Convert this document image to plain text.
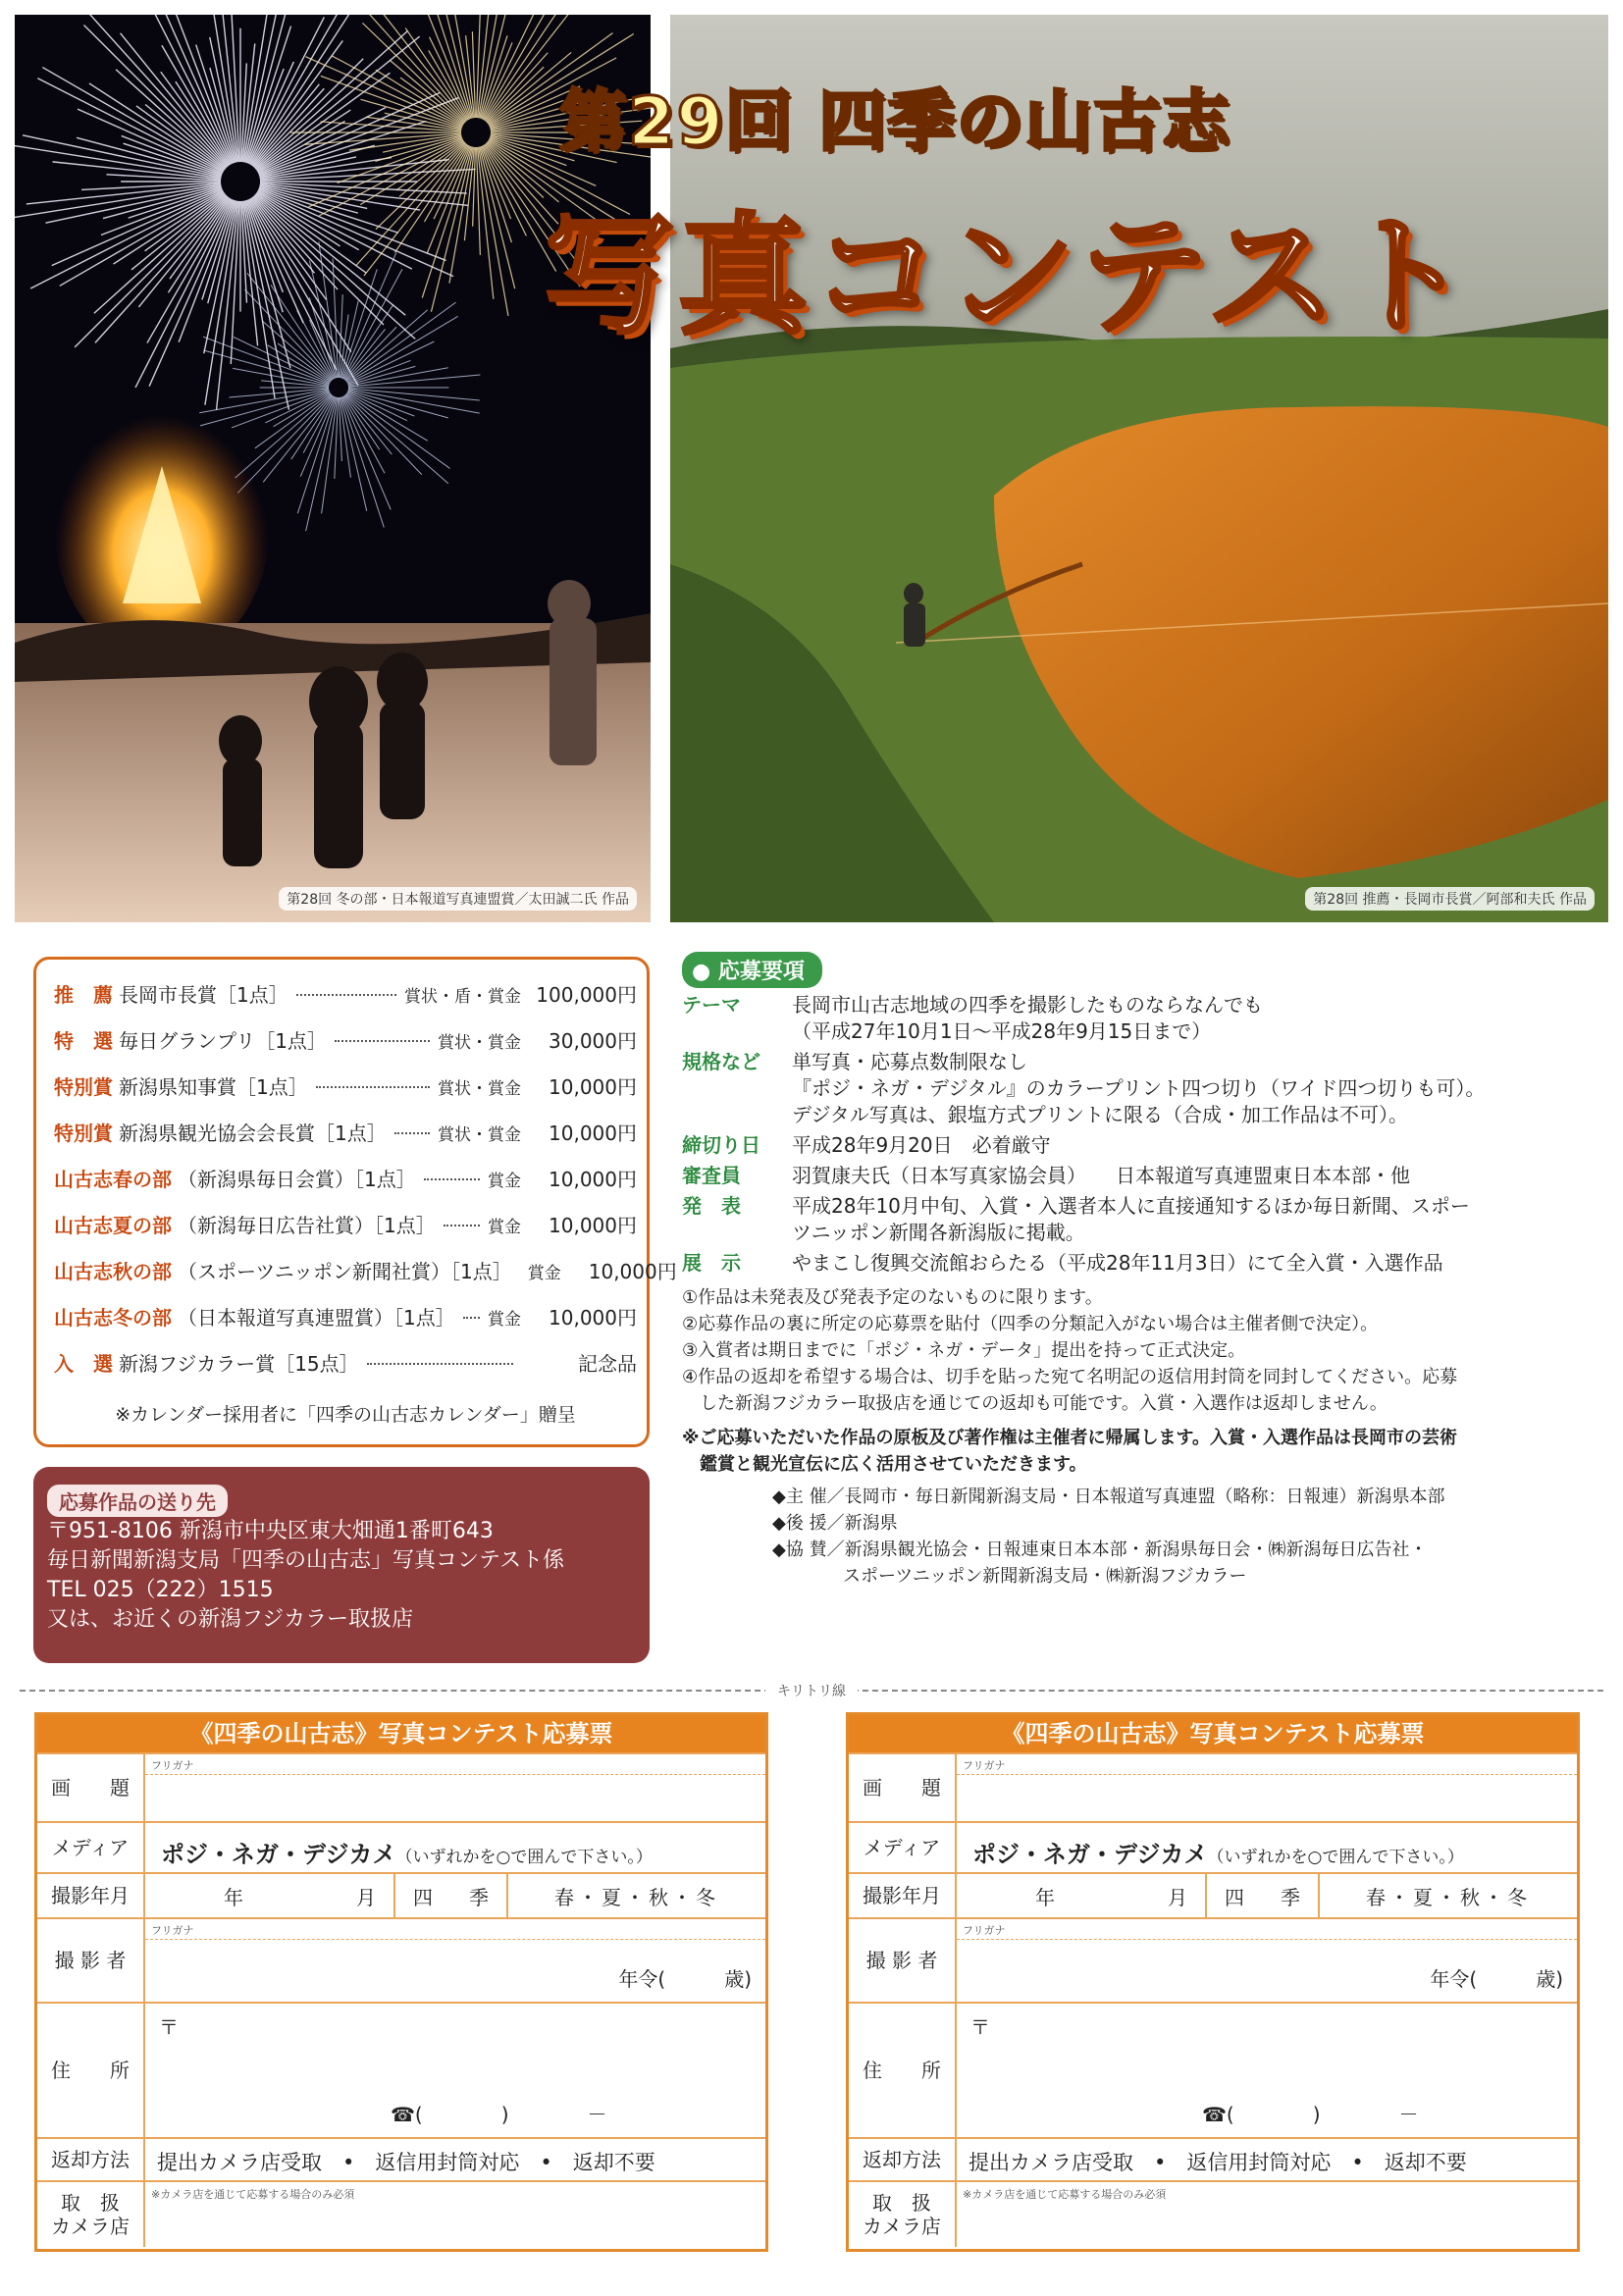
第28回 冬の部・日本報道写真連盟賞／太田誠二氏 作品	第28回 推薦・長岡市長賞／阿部和夫氏 作品
第29回 四季の山古志
写真コンテスト
推　薦 長岡市長賞［1点］	賞状・盾・賞金 100,000円
特　選 毎日グランプリ［1点］	賞状・賞金	30,000円
特別賞 新潟県知事賞［1点］	賞状・賞金	10,000円
特別賞 新潟県観光協会会長賞［1点］	賞状・賞金	10,000円
山古志春の部 （新潟県毎日会賞）［1点］	賞金	10,000円
山古志夏の部 （新潟毎日広告社賞）［1点］	賞金	10,000円
山古志秋の部 （スポーツニッポン新聞社賞）［1点］ 賞金	10,000円
山古志冬の部 （日本報道写真連盟賞）［1点］ 賞金	10,000円
入　選 新潟フジカラー賞［15点］	記念品
※カレンダー採用者に「四季の山古志カレンダー」贈呈
応募作品の送り先
〒951-8106 新潟市中央区東大畑通1番町643
毎日新聞新潟支局「四季の山古志」写真コンテスト係
TEL 025（222）1515
又は、お近くの新潟フジカラー取扱店
● 応募要項
テーマ	長岡市山古志地域の四季を撮影したものならなんでも
（平成27年10月1日〜平成28年9月15日まで）
規格など	単写真・応募点数制限なし
『ポジ・ネガ・デジタル』のカラープリント四つ切り（ワイド四つ切りも可）。
デジタル写真は、銀塩方式プリントに限る（合成・加工作品は不可）。
締切り日	平成28年9月20日　必着厳守
審査員	羽賀康夫氏（日本写真家協会員）　　日本報道写真連盟東日本本部・他
発　表	平成28年10月中旬、入賞・入選者本人に直接通知するほか毎日新聞、スポー
ツニッポン新聞各新潟版に掲載。
展　示	やまこし復興交流館おらたる（平成28年11月3日）にて全入賞・入選作品
①作品は未発表及び発表予定のないものに限ります。
②応募作品の裏に所定の応募票を貼付（四季の分類記入がない場合は主催者側で決定）。
③入賞者は期日までに「ポジ・ネガ・データ」提出を持って正式決定。
④作品の返却を希望する場合は、切手を貼った宛て名明記の返信用封筒を同封してください。応募
　した新潟フジカラー取扱店を通じての返却も可能です。入賞・入選作は返却しません。
※ご応募いただいた作品の原板及び著作権は主催者に帰属します。入賞・入選作品は長岡市の芸術
　鑑賞と観光宣伝に広く活用させていただきます。
◆主 催／長岡市・毎日新聞新潟支局・日本報道写真連盟（略称：日報連）新潟県本部
◆後 援／新潟県
◆協 賛／新潟県観光協会・日報連東日本本部・新潟県毎日会・㈱新潟毎日広告社・
　　　　スポーツニッポン新聞新潟支局・㈱新潟フジカラー
キリトリ線
《四季の山古志》写真コンテスト応募票
画　　題
フリガナ
メディア	ポジ・ネガ・デジカメ（いずれかを○で囲んで下さい。）
撮影年月	年	月 四 季	春・夏・秋・冬
撮 影 者
フリガナ
年令(　　　歳)
住　　所
〒
☎(　　　　)　　　　－
返却方法	提出カメラ店受取　•　返信用封筒対応　•　返却不要
取　扱
カメラ店
※カメラ店を通じて応募する場合のみ必須
《四季の山古志》写真コンテスト応募票
画　　題
フリガナ
メディア	ポジ・ネガ・デジカメ（いずれかを○で囲んで下さい。）
撮影年月	年	月 四 季	春・夏・秋・冬
撮 影 者
フリガナ
年令(　　　歳)
住　　所
〒
☎(　　　　)　　　　－
返却方法	提出カメラ店受取　•　返信用封筒対応　•　返却不要
取　扱
カメラ店
※カメラ店を通じて応募する場合のみ必須
